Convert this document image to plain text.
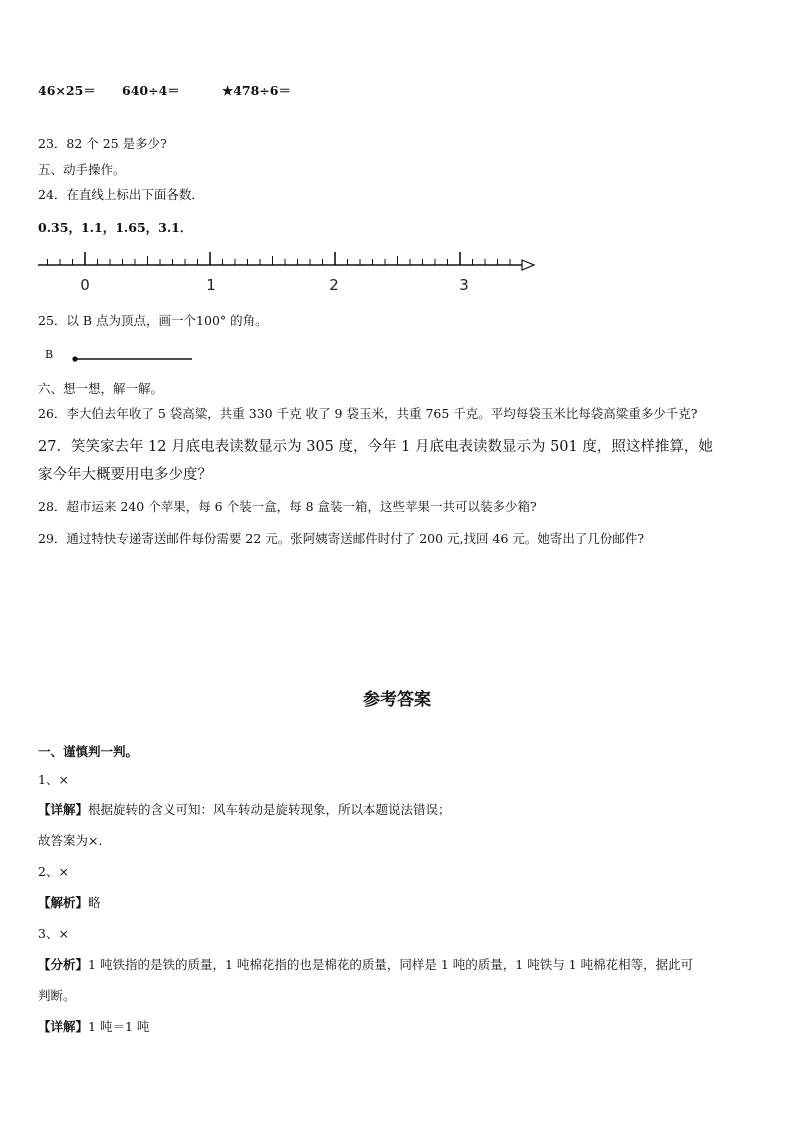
46×25＝ 640÷4＝	★478÷6＝
23．82 个 25 是多少?
五、动手操作。
24．在直线上标出下面各数．
0.35，1.1，1.65，3.1．
0	1	2	3
25．以 B 点为顶点，画一个100° 的角。
B
六、想一想，解一解。
26．李大伯去年收了 5 袋高粱，共重 330 千克 收了 9 袋玉米，共重 765 千克。平均每袋玉米比每袋高粱重多少千克?
27．笑笑家去年 12 月底电表读数显示为 305 度，今年 1 月底电表读数显示为 501 度，照这样推算，她
家今年大概要用电多少度？
28．超市运来 240 个苹果，每 6 个装一盒，每 8 盒装一箱，这些苹果一共可以装多少箱?
29．通过特快专递寄送邮件每份需要 22 元。张阿姨寄送邮件时付了 200 元,找回 46 元。她寄出了几份邮件?
参考答案
一、谨慎判一判。
1、×
【详解】根据旋转的含义可知：风车转动是旋转现象，所以本题说法错误；
故答案为×.
2、×
【解析】略
3、×
【分析】1 吨铁指的是铁的质量，1 吨棉花指的也是棉花的质量，同样是 1 吨的质量，1 吨铁与 1 吨棉花相等，据此可
判断。
【详解】1 吨＝1 吨
